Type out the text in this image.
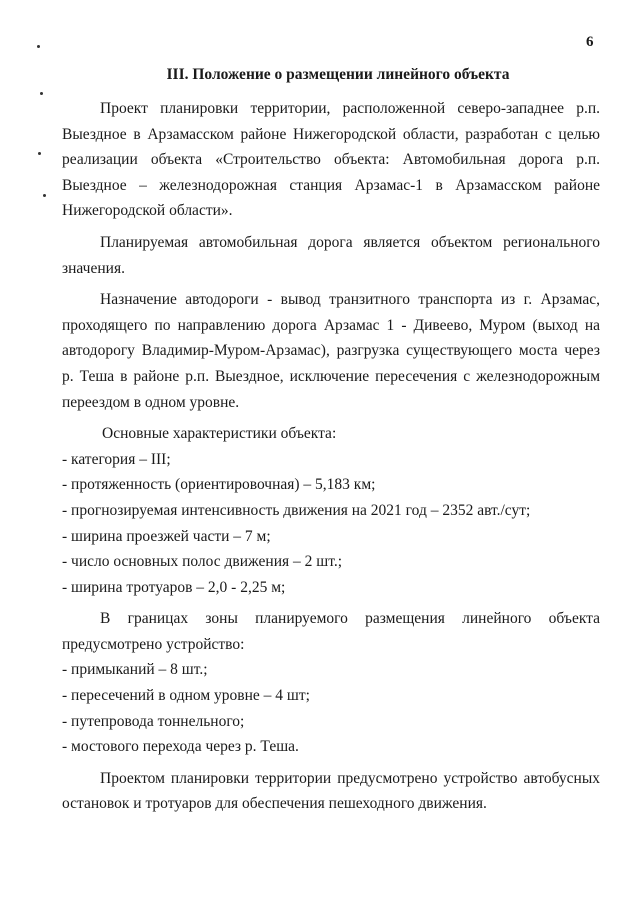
6
III. Положение о размещении линейного объекта

Проект планировки территории, расположенной северо-западнее р.п. Выездное в Арзамасском районе Нижегородской области, разработан с целью реализации объекта «Строительство объекта: Автомобильная дорога р.п. Выездное – железнодорожная станция Арзамас-1 в Арзамасском районе Нижегородской области».

Планируемая автомобильная дорога является объектом регионального значения.

Назначение автодороги - вывод транзитного транспорта из г. Арзамас, проходящего по направлению дорога Арзамас 1 - Дивеево, Муром (выход на автодорогу Владимир-Муром-Арзамас), разгрузка существующего моста через р. Теша в районе р.п. Выездное, исключение пересечения с железнодорожным переездом в одном уровне.

Основные характеристики объекта:

- категория – III;

- протяженность (ориентировочная) – 5,183 км;

- прогнозируемая интенсивность движения на 2021 год – 2352 авт./сут;

- ширина проезжей части – 7 м;

- число основных полос движения – 2 шт.;

- ширина тротуаров – 2,0 - 2,25 м;

В границах зоны планируемого размещения линейного объекта

предусмотрено устройство:

- примыканий – 8 шт.;

- пересечений в одном уровне – 4 шт;

- путепровода тоннельного;

- мостового перехода через р. Теша.

Проектом планировки территории предусмотрено устройство автобусных остановок и тротуаров для обеспечения пешеходного движения.
